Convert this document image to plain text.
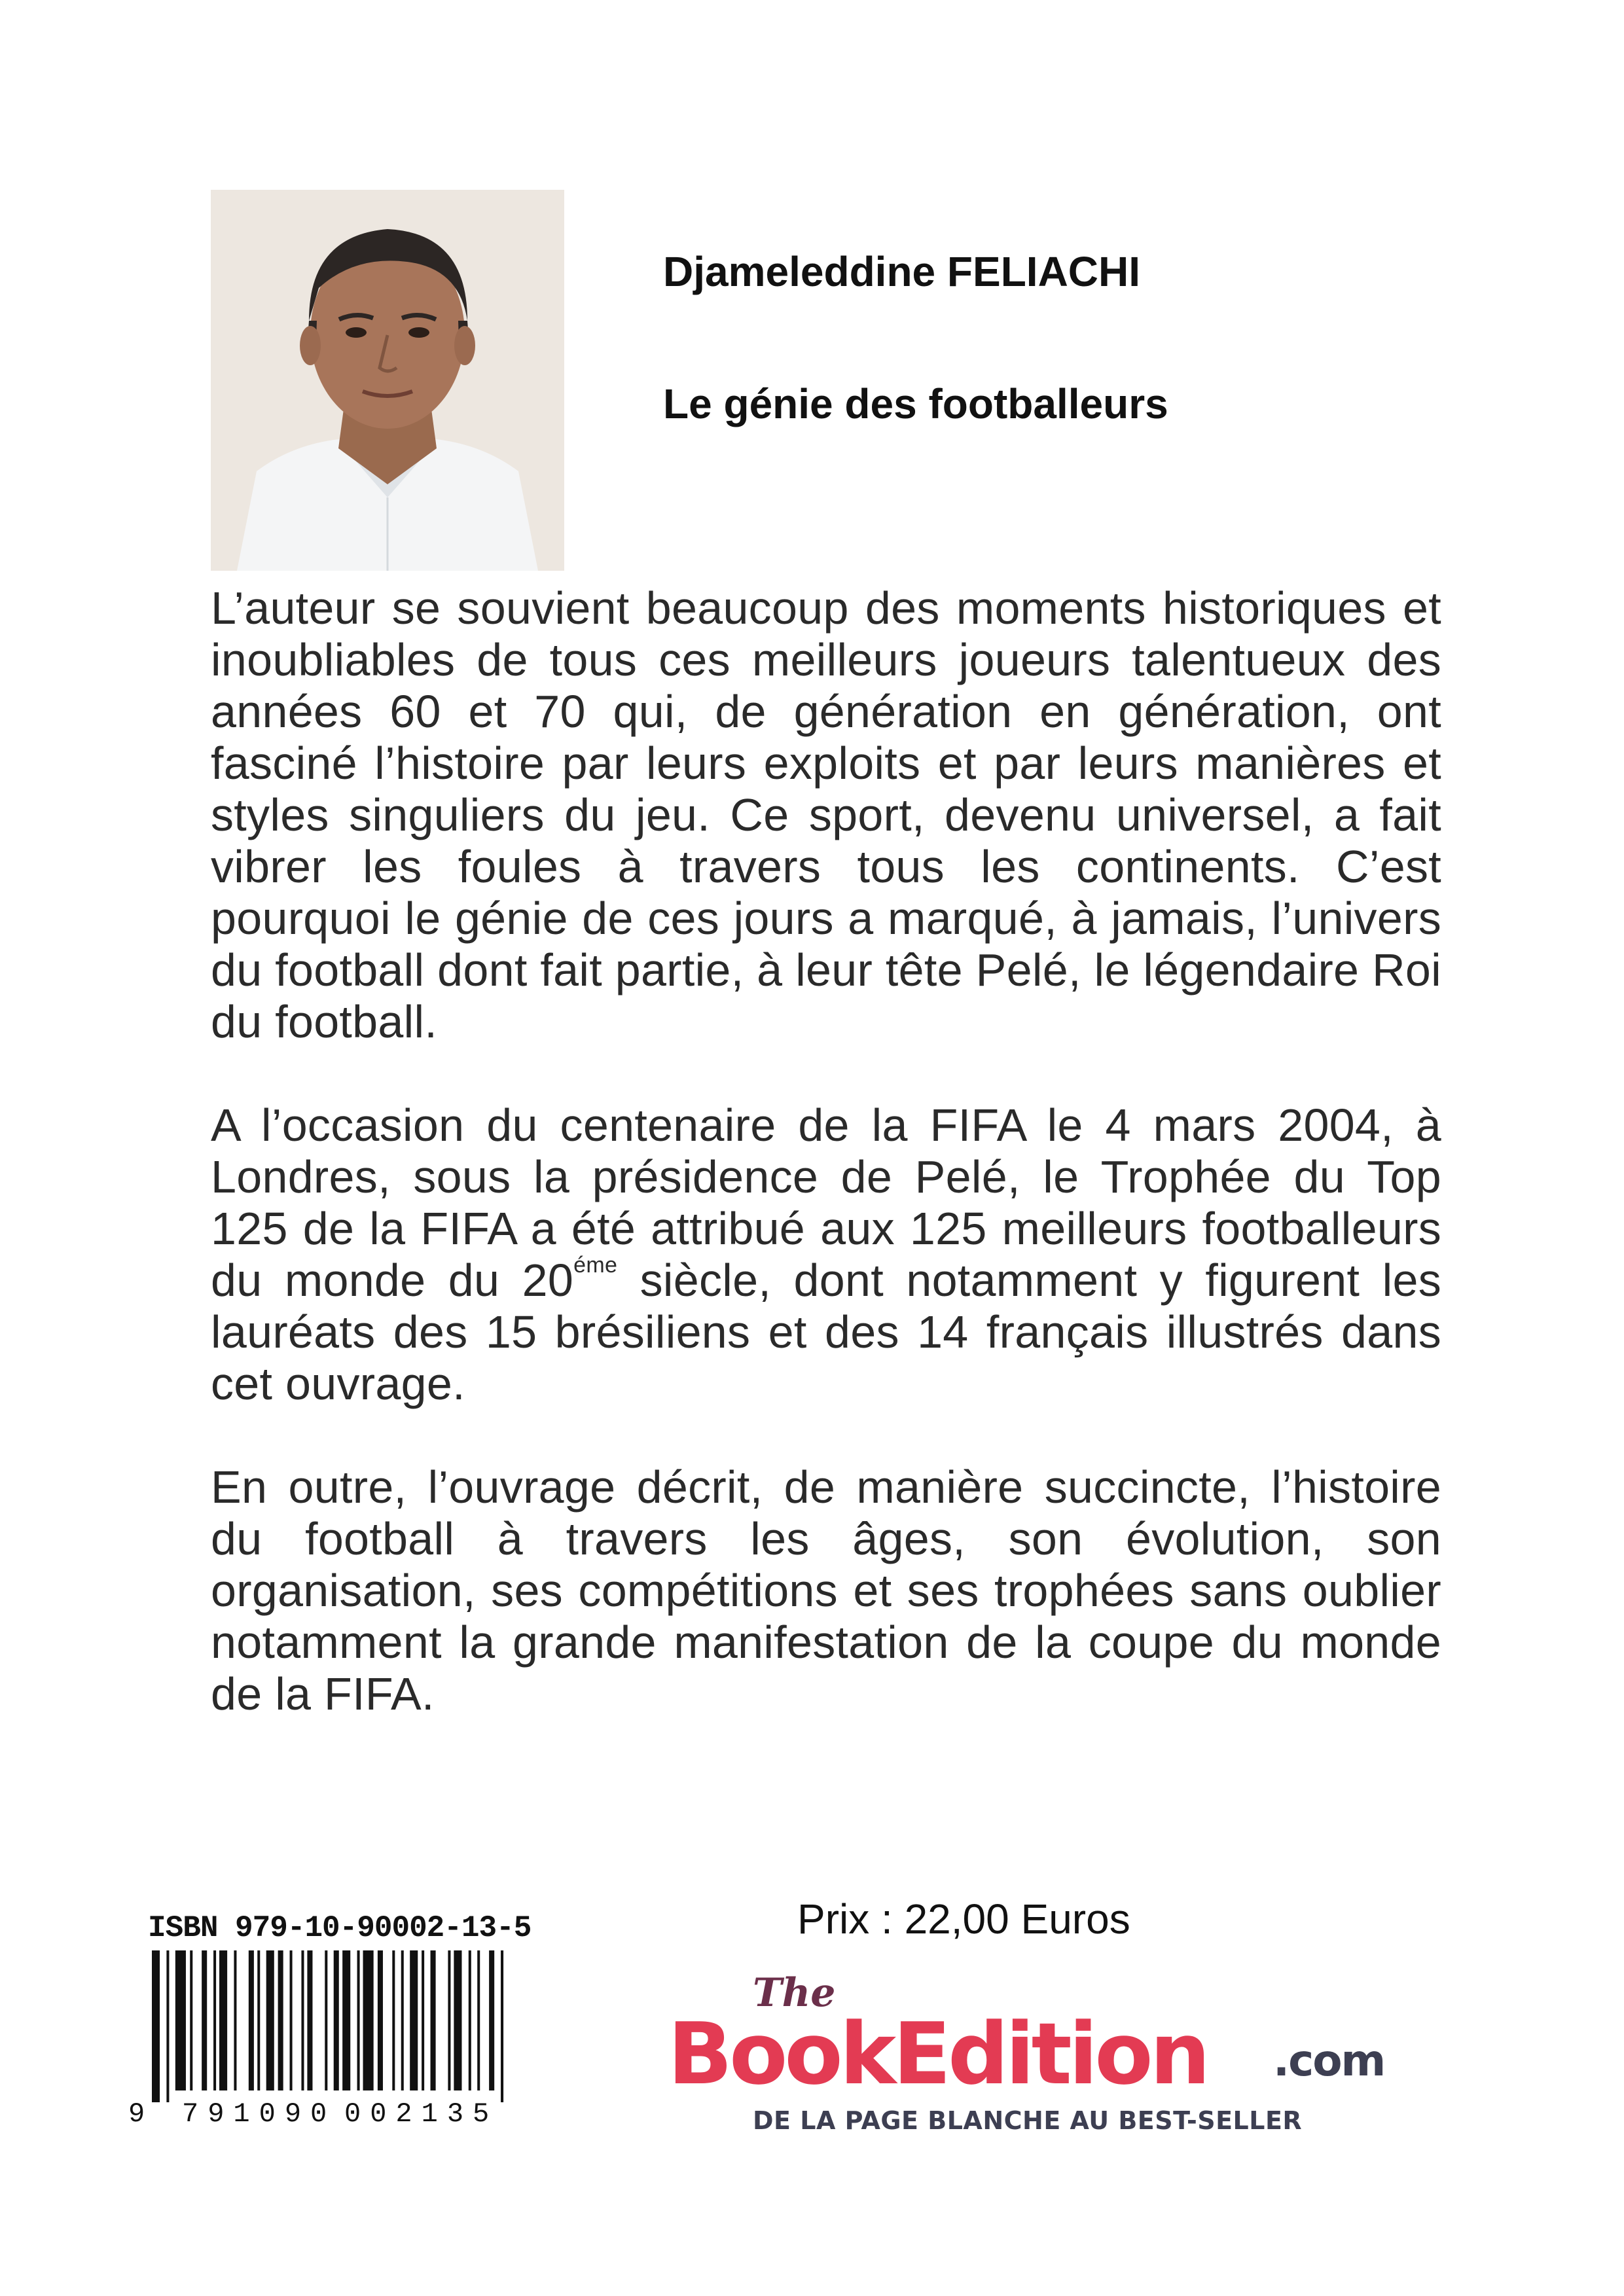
Djameleddine FELIACHI
Le génie des footballeurs

L’auteur se souvient beaucoup des moments historiques et inoubliables de tous ces meilleurs joueurs talentueux des années 60 et 70 qui, de génération en génération, ont fasciné l’histoire par leurs exploits et par leurs manières et styles singuliers du jeu. Ce sport, devenu universel, a fait vibrer les foules à travers tous les continents. C’est pourquoi le génie de ces jours a marqué, à jamais, l’univers du football dont fait partie, à leur tête Pelé, le légendaire Roi du football.

A l’occasion du centenaire de la FIFA le 4 mars 2004, à Londres, sous la présidence de Pelé, le Trophée du Top 125 de la FIFA a été attribué aux 125 meilleurs footballeurs du monde du $20^{éme}$ siècle, dont notamment y figurent les lauréats des 15 brésiliens et des 14 français illustrés dans cet ouvrage.

En outre, l’ouvrage décrit, de manière succincte, l’histoire du football à travers les âges, son évolution, son organisation, ses compétitions et ses trophées sans oublier notamment la grande manifestation de la coupe du monde de la FIFA.

ISBN 979-10-90002-13-5
9 791090 002135
Prix : 22,00 Euros
The
BookEdition .com
DE LA PAGE BLANCHE AU BEST-SELLER
